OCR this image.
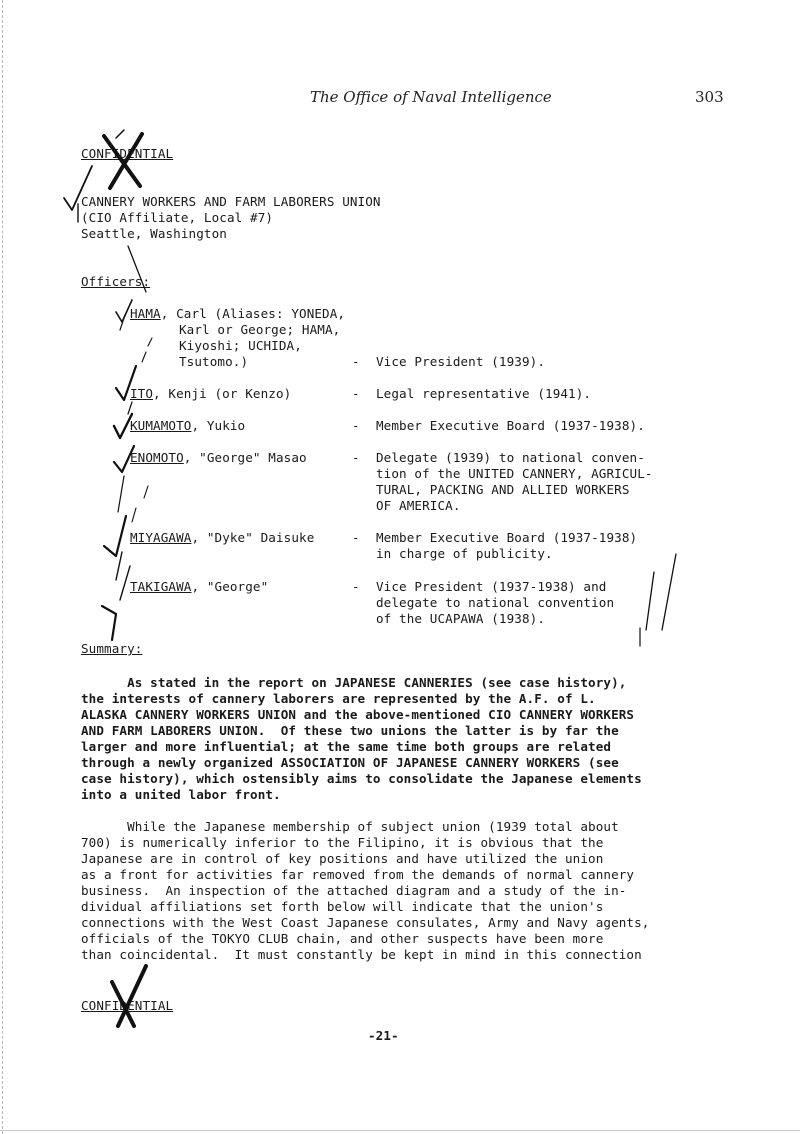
The Office of Naval Intelligence	303
CONFIDENTIAL
CANNERY WORKERS AND FARM LABORERS UNION
(CIO Affiliate, Local #7)
Seattle, Washington
Officers:
HAMA, Carl (Aliases: YONEDA,
Karl or George; HAMA,
Kiyoshi; UCHIDA,
Tsutomo.)	- Vice President (1939).
ITO, Kenji (or Kenzo)	- Legal representative (1941).
KUMAMOTO, Yukio	- Member Executive Board (1937-1938).
ENOMOTO, "George" Masao	- Delegate (1939) to national conven-
tion of the UNITED CANNERY, AGRICUL-
TURAL, PACKING AND ALLIED WORKERS
OF AMERICA.
MIYAGAWA, "Dyke" Daisuke	- Member Executive Board (1937-1938)
in charge of publicity.
TAKIGAWA, "George"	- Vice President (1937-1938) and
delegate to national convention
of the UCAPAWA (1938).
Summary:
As stated in the report on JAPANESE CANNERIES (see case history),
the interests of cannery laborers are represented by the A.F. of L.
ALASKA CANNERY WORKERS UNION and the above-mentioned CIO CANNERY WORKERS
AND FARM LABORERS UNION.  Of these two unions the latter is by far the
larger and more influential; at the same time both groups are related
through a newly organized ASSOCIATION OF JAPANESE CANNERY WORKERS (see
case history), which ostensibly aims to consolidate the Japanese elements
into a united labor front.
While the Japanese membership of subject union (1939 total about
700) is numerically inferior to the Filipino, it is obvious that the
Japanese are in control of key positions and have utilized the union
as a front for activities far removed from the demands of normal cannery
business.  An inspection of the attached diagram and a study of the in-
dividual affiliations set forth below will indicate that the union's
connections with the West Coast Japanese consulates, Army and Navy agents,
officials of the TOKYO CLUB chain, and other suspects have been more
than coincidental.  It must constantly be kept in mind in this connection
CONFIDENTIAL
-21-
